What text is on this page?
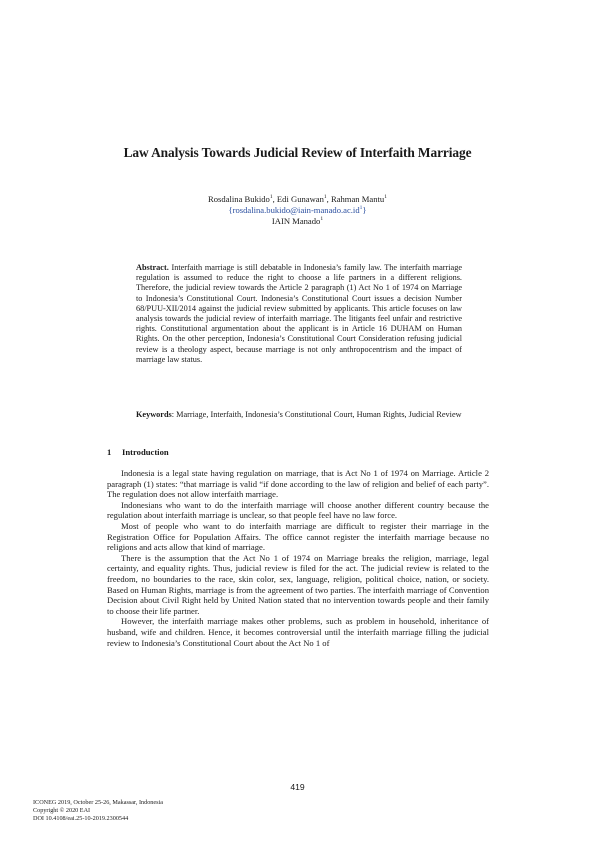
Law Analysis Towards Judicial Review of Interfaith Marriage
Rosdalina Bukido$^1$, Edi Gunawan$^1$, Rahman Mantu$^1$
$\{rosdalina.bukido@iain-manado.ac.id^1\}$
IAIN Manado$^1$
Abstract. Interfaith marriage is still debatable in Indonesia’s family law. The interfaith marriage regulation is assumed to reduce the right to choose a life partners in a different religions. Therefore, the judicial review towards the Article 2 paragraph (1) Act No 1 of 1974 on Marriage to Indonesia’s Constitutional Court. Indonesia’s Constitutional Court issues a decision Number 68/PUU-XII/2014 against the judicial review submitted by applicants. This article focuses on law analysis towards the judicial review of interfaith marriage. The litigants feel unfair and restrictive rights. Constitutional argumentation about the applicant is in Article 16 DUHAM on Human Rights. On the other perception, Indonesia’s Constitutional Court Consideration refusing judicial review is a theology aspect, because marriage is not only anthropocentrism and the impact of marriage law status.
Keywords: Marriage, Interfaith, Indonesia’s Constitutional Court, Human Rights, Judicial Review
1 Introduction

Indonesia is a legal state having regulation on marriage, that is Act No 1 of 1974 on Marriage. Article 2 paragraph (1) states: “that marriage is valid “if done according to the law of religion and belief of each party”. The regulation does not allow interfaith marriage.

Indonesians who want to do the interfaith marriage will choose another different country because the regulation about interfaith marriage is unclear, so that people feel have no law force.

Most of people who want to do interfaith marriage are difficult to register their marriage in the Registration Office for Population Affairs. The office cannot register the interfaith marriage because no religions and acts allow that kind of marriage.

There is the assumption that the Act No 1 of 1974 on Marriage breaks the religion, marriage, legal certainty, and equality rights. Thus, judicial review is filed for the act. The judicial review is related to the freedom, no boundaries to the race, skin color, sex, language, religion, political choice, nation, or society. Based on Human Rights, marriage is from the agreement of two parties. The interfaith marriage of Convention Decision about Civil Right held by United Nation stated that no intervention towards people and their family to choose their life partner.

However, the interfaith marriage makes other problems, such as problem in household, inheritance of husband, wife and children. Hence, it becomes controversial until the interfaith marriage filling the judicial review to Indonesia’s Constitutional Court about the Act No 1 of

419
ICONEG 2019, October 25-26, Makassar, Indonesia
Copyright © 2020 EAI
DOI 10.4108/eai.25-10-2019.2300544
